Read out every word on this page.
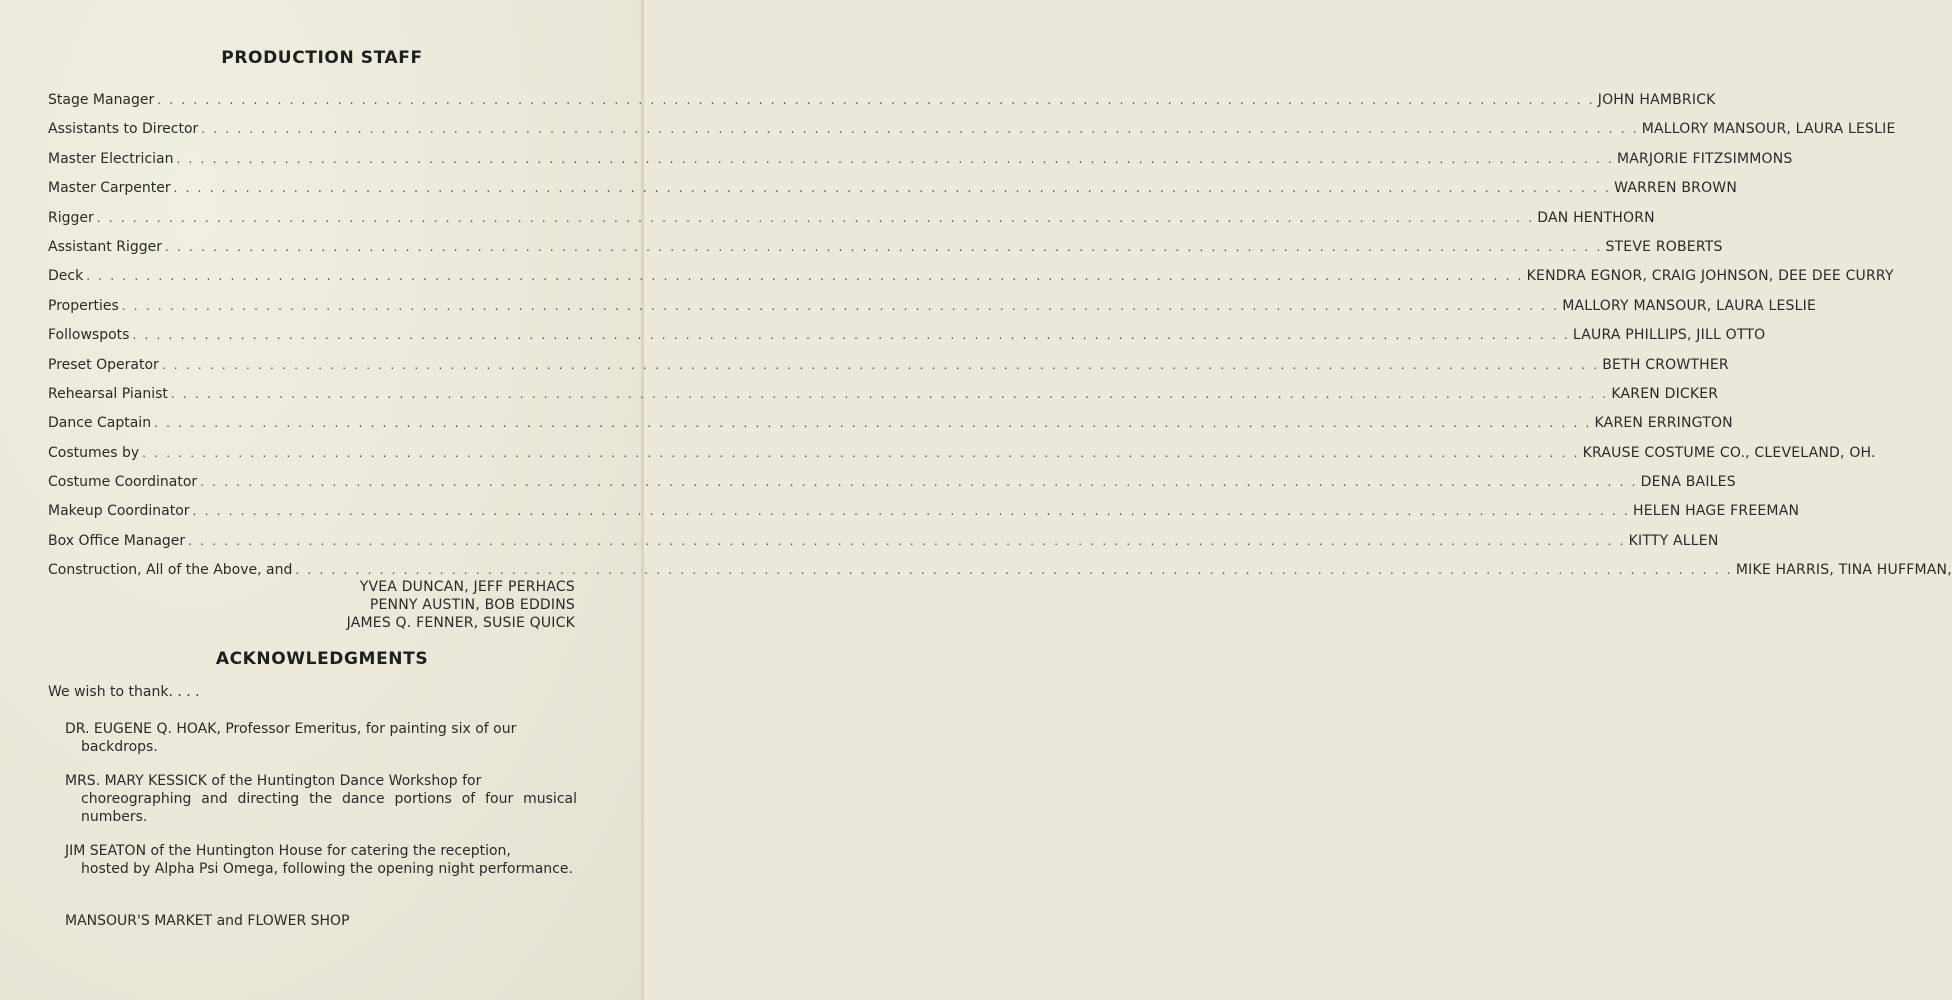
PRODUCTION STAFF
Stage Manager . . . . . . . . . . . . . . . . . . . . . . . . . . . . . . . . . . . . . . . . . . . . . . . . . . . . . . . . . . . . . . . . . . . . . . . . . . . . . . . . . . . . . . . . . . . . . . . . . . . . . . . . . . . . . . . . . . . . . . . . JOHN HAMBRICK
Assistants to Director . . . . . . . . . . . . . . . . . . . . . . . . . . . . . . . . . . . . . . . . . . . . . . . . . . . . . . . . . . . . . . . . . . . . . . . . . . . . . . . . . . . . . . . . . . . . . . . . . . . . . . . . . . . . . . . . . . . . . . . . MALLORY MANSOUR, LAURA LESLIE
Master Electrician . . . . . . . . . . . . . . . . . . . . . . . . . . . . . . . . . . . . . . . . . . . . . . . . . . . . . . . . . . . . . . . . . . . . . . . . . . . . . . . . . . . . . . . . . . . . . . . . . . . . . . . . . . . . . . . . . . . . . . . . MARJORIE FITZSIMMONS
Master Carpenter . . . . . . . . . . . . . . . . . . . . . . . . . . . . . . . . . . . . . . . . . . . . . . . . . . . . . . . . . . . . . . . . . . . . . . . . . . . . . . . . . . . . . . . . . . . . . . . . . . . . . . . . . . . . . . . . . . . . . . . . WARREN BROWN
Rigger . . . . . . . . . . . . . . . . . . . . . . . . . . . . . . . . . . . . . . . . . . . . . . . . . . . . . . . . . . . . . . . . . . . . . . . . . . . . . . . . . . . . . . . . . . . . . . . . . . . . . . . . . . . . . . . . . . . . . . . . DAN HENTHORN
Assistant Rigger . . . . . . . . . . . . . . . . . . . . . . . . . . . . . . . . . . . . . . . . . . . . . . . . . . . . . . . . . . . . . . . . . . . . . . . . . . . . . . . . . . . . . . . . . . . . . . . . . . . . . . . . . . . . . . . . . . . . . . . . STEVE ROBERTS
Deck . . . . . . . . . . . . . . . . . . . . . . . . . . . . . . . . . . . . . . . . . . . . . . . . . . . . . . . . . . . . . . . . . . . . . . . . . . . . . . . . . . . . . . . . . . . . . . . . . . . . . . . . . . . . . . . . . . . . . . . . KENDRA EGNOR, CRAIG JOHNSON, DEE DEE CURRY
Properties . . . . . . . . . . . . . . . . . . . . . . . . . . . . . . . . . . . . . . . . . . . . . . . . . . . . . . . . . . . . . . . . . . . . . . . . . . . . . . . . . . . . . . . . . . . . . . . . . . . . . . . . . . . . . . . . . . . . . . . . MALLORY MANSOUR, LAURA LESLIE
Followspots . . . . . . . . . . . . . . . . . . . . . . . . . . . . . . . . . . . . . . . . . . . . . . . . . . . . . . . . . . . . . . . . . . . . . . . . . . . . . . . . . . . . . . . . . . . . . . . . . . . . . . . . . . . . . . . . . . . . . . . . LAURA PHILLIPS, JILL OTTO
Preset Operator . . . . . . . . . . . . . . . . . . . . . . . . . . . . . . . . . . . . . . . . . . . . . . . . . . . . . . . . . . . . . . . . . . . . . . . . . . . . . . . . . . . . . . . . . . . . . . . . . . . . . . . . . . . . . . . . . . . . . . . . BETH CROWTHER
Rehearsal Pianist . . . . . . . . . . . . . . . . . . . . . . . . . . . . . . . . . . . . . . . . . . . . . . . . . . . . . . . . . . . . . . . . . . . . . . . . . . . . . . . . . . . . . . . . . . . . . . . . . . . . . . . . . . . . . . . . . . . . . . . . KAREN DICKER
Dance Captain . . . . . . . . . . . . . . . . . . . . . . . . . . . . . . . . . . . . . . . . . . . . . . . . . . . . . . . . . . . . . . . . . . . . . . . . . . . . . . . . . . . . . . . . . . . . . . . . . . . . . . . . . . . . . . . . . . . . . . . . KAREN ERRINGTON
Costumes by . . . . . . . . . . . . . . . . . . . . . . . . . . . . . . . . . . . . . . . . . . . . . . . . . . . . . . . . . . . . . . . . . . . . . . . . . . . . . . . . . . . . . . . . . . . . . . . . . . . . . . . . . . . . . . . . . . . . . . . . KRAUSE COSTUME CO., CLEVELAND, OH.
Costume Coordinator . . . . . . . . . . . . . . . . . . . . . . . . . . . . . . . . . . . . . . . . . . . . . . . . . . . . . . . . . . . . . . . . . . . . . . . . . . . . . . . . . . . . . . . . . . . . . . . . . . . . . . . . . . . . . . . . . . . . . . . . DENA BAILES
Makeup Coordinator . . . . . . . . . . . . . . . . . . . . . . . . . . . . . . . . . . . . . . . . . . . . . . . . . . . . . . . . . . . . . . . . . . . . . . . . . . . . . . . . . . . . . . . . . . . . . . . . . . . . . . . . . . . . . . . . . . . . . . . . HELEN HAGE FREEMAN
Box Office Manager . . . . . . . . . . . . . . . . . . . . . . . . . . . . . . . . . . . . . . . . . . . . . . . . . . . . . . . . . . . . . . . . . . . . . . . . . . . . . . . . . . . . . . . . . . . . . . . . . . . . . . . . . . . . . . . . . . . . . . . . KITTY ALLEN
Construction, All of the Above, and . . . . . . . . . . . . . . . . . . . . . . . . . . . . . . . . . . . . . . . . . . . . . . . . . . . . . . . . . . . . . . . . . . . . . . . . . . . . . . . . . . . . . . . . . . . . . . . . . . . . . . . . . . . . . . . . . . . . . . . . MIKE HARRIS, TINA HUFFMAN,
YVEA DUNCAN, JEFF PERHACS
PENNY AUSTIN, BOB EDDINS
JAMES Q. FENNER, SUSIE QUICK
ACKNOWLEDGMENTS
We wish to thank. . . .
DR. EUGENE Q. HOAK, Professor Emeritus, for painting six of our
backdrops.
MRS. MARY KESSICK of the Huntington Dance Workshop for
choreographing and directing the dance portions of four musical numbers.
JIM SEATON of the Huntington House for catering the reception,
hosted by Alpha Psi Omega, following the opening night performance.
MANSOUR'S MARKET and FLOWER SHOP
